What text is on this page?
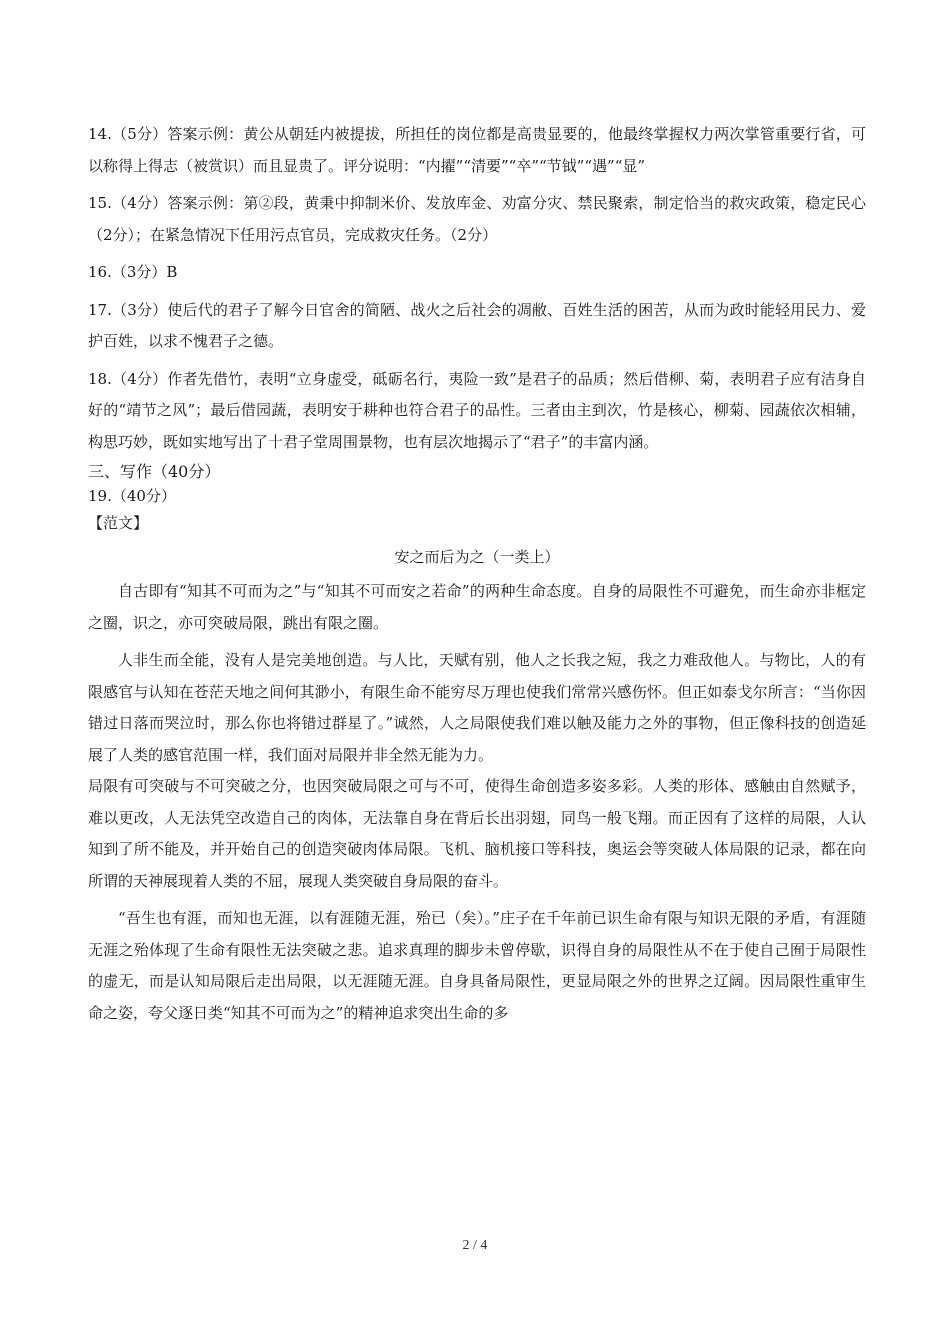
14.（5分）答案示例：黄公从朝廷内被提拔，所担任的岗位都是高贵显要的，他最终掌握权力两次掌管重要行省，可以称得上得志（被赏识）而且显贵了。评分说明：“内擢”“清要”“卒”“节钺”“遇”“显”

15.（4分）答案示例：第②段，黄秉中抑制米价、发放库金、劝富分灾、禁民聚索，制定恰当的救灾政策，稳定民心（2分）；在紧急情况下任用污点官员，完成救灾任务。（2分）

16.（3分）B

17.（3分）使后代的君子了解今日官舍的简陋、战火之后社会的凋敝、百姓生活的困苦，从而为政时能轻用民力、爱护百姓，以求不愧君子之德。

18.（4分）作者先借竹，表明“立身虚受，砥砺名行，夷险一致”是君子的品质；然后借柳、菊，表明君子应有洁身自好的“靖节之风”；最后借园蔬，表明安于耕种也符合君子的品性。三者由主到次，竹是核心，柳菊、园蔬依次相辅，构思巧妙，既如实地写出了十君子堂周围景物，也有层次地揭示了“君子”的丰富内涵。

三、写作（40分）

19.（40分）

【范文】

安之而后为之（一类上）

自古即有“知其不可而为之”与“知其不可而安之若命”的两种生命态度。自身的局限性不可避免，而生命亦非框定之圈，识之，亦可突破局限，跳出有限之圈。

人非生而全能，没有人是完美地创造。与人比，天赋有别，他人之长我之短，我之力难敌他人。与物比，人的有限感官与认知在苍茫天地之间何其渺小，有限生命不能穷尽万理也使我们常常兴感伤怀。但正如泰戈尔所言：“当你因错过日落而哭泣时，那么你也将错过群星了。”诚然，人之局限使我们难以触及能力之外的事物，但正像科技的创造延展了人类的感官范围一样，我们面对局限并非全然无能为力。

局限有可突破与不可突破之分，也因突破局限之可与不可，使得生命创造多姿多彩。人类的形体、感触由自然赋予，难以更改，人无法凭空改造自己的肉体，无法靠自身在背后长出羽翅，同鸟一般飞翔。而正因有了这样的局限，人认知到了所不能及，并开始自己的创造突破肉体局限。飞机、脑机接口等科技，奥运会等突破人体局限的记录，都在向所谓的天神展现着人类的不屈，展现人类突破自身局限的奋斗。

“吾生也有涯，而知也无涯，以有涯随无涯，殆已（矣）。”庄子在千年前已识生命有限与知识无限的矛盾，有涯随无涯之殆体现了生命有限性无法突破之悲。追求真理的脚步未曾停歇，识得自身的局限性从不在于使自己囿于局限性的虚无，而是认知局限后走出局限，以无涯随无涯。自身具备局限性，更显局限之外的世界之辽阔。因局限性重审生命之姿，夸父逐日类“知其不可而为之”的精神追求突出生命的多

2 / 4
